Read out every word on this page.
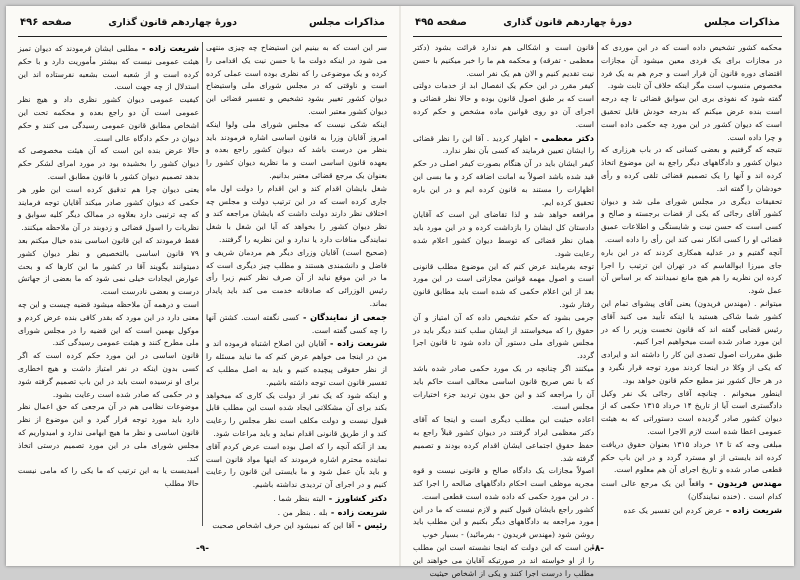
مذاکرات مجلس
دورهٔ چهاردهم قانون گذاری
صفحه ۴۹۶

سر این است که به بینیم این استیضاح چه چیزی منتهی می شود در اینکه دولت ما با حسن نیت یک اقدامی را کرده و یک موضوعی را که نظری بوده است عملی کرده است و ناوقتی که در مجلس شورای ملی واستیضاح دیوان کشور تغییر بشود تشخیص و تفسیر قضائی این دیوان کشور معتبر است.

اینکه شکی نیست که مجلس شورای ملی ولوا اینکه امروز آقایان وزرا به قانون اساسی اشاره فرمودند باید بنظر من درست باشد که دیوان کشور راجع بعده و بعهده قانون اساسی است و ما نظریه دیوان کشور را بعنوان یک مرجع قضائی معتبر بدانیم.

شغل بایشان اقدام کند و این اقدام را دولت اول ماه جاری کرده است که در این ترتیب دولت و مجلس چه اختلاف نظر دارند دولت داشت که بایشان مراجعه کند و نظر دیوان کشور را بخواهد که آیا این شغل با شغل نمایندگی منافات دارد یا ندارد و این نظریه را گرفتند.

(صحیح است) آقایان وزرای دیگر هم مردمان شریف و فاضل و دانشمندی هستند و مطلب چیز دیگری است که ما در این موقع نباید از آن صرف نظر کنیم زیرا رأی رئیس الوزرائی که صادقانه خدمت می کند باید پایدار بماند.

جمعی از نمایندگان - کسی نگفته است. کشتن آنها را چه کسی گفته است.

شریعت زاده - آقایان این اصلاح اشتباه فرموده اند و من در اینجا می خواهم عرض کنم که ما نباید مسئله را از نظر حقوقی پیچیده کنیم و باید به اصل مطلب که تفسیر قانون است توجه داشته باشیم.

و اینکه شود که یک نفر از دولت یک کاری که میخواهد بکند برای آن مشکلاتی ایجاد شده است این مطلب قابل قبول نیست و دولت مکلف است نظر مجلس را رعایت کند و از طریق قانونی اقدام نماید و باید مراعات شود.

بعد از آنکه آنچه را که اصل بوده است عرض کردم آقای نماینده محترم اشاره فرمودند که اینها مواد قانون است و باید بآن عمل شود و ما بایستی این قانون را رعایت کنیم و در اجرای آن تردیدی نداشته باشیم.

دکتر کشاورز - البته بنظر شما .

شریعت زاده - بله . بنظر من .

رئیس - آقا این که نمیشود این حرف اشخاص صحبت

شریعت زاده - مطلبی ایشان فرمودند که دیوان تمیز هیئت عمومی نیست که بیشتر مأموریت دارد و با حکم کرده است و از شعبه است بشعبه نفرستاده اند این استدلال از چه جهت است.

کیفیت عمومی دیوان کشور نظری داد و هیچ نظر عمومی است آن دو راجع بعده و محکمه تحت این اشخاص مطابق قانون عمومی رسیدگی می کنند و حکم دیوان در حکم دادگاه عالی است.

حالا عرض بنده این است که آن هیئت مخصوصی که دیوان کشور را بخشیده بود در مورد امرای لشکر حکم بدهد تصمیم دیوان کشور با قانون مطابق است.

یعنی دیوان چرا هم تدقیق کرده است این طور هر حکمی که دیوان کشور صادر میکند آقایان توجه فرمایند که چه ترتیبی دارد بعلاوه در ممالک دیگر کلیه سوابق و نظریات را اسول قضائی و زدوبند در آن ملاحظه میکنند.

فقط فرمودند که این قانون اساسی بنده خیال میکنم بعد ۷۹ قانون اساسی بالتخصیص و نظر دیوان کشور دمیتوانند بگویند آقا در کشور ما این کارها که و بحث عوارض ایجادات خیلی نمی شود که ما بعضی از جهاتش درست و بعضی نادرست است.

است و درهمه آن ملاحظه میشود قضیه چیست و این چه معنی دارد در این مورد که بقدر کافی بنده عرض کردم و موکول بهمین است که این قضیه را در مجلس شورای ملی مطرح کنند و هیئت عمومی رسیدگی کند.

قانون اساسی در این مورد حکم کرده است که اگر کسی بدون اینکه در نفر امتیاز داشت و هیچ اخطاری برای او نرسیده است باید در این باب تصمیم گرفته شود و در حکمی که صادر شده است رعایت بشود.

موضوعات نظامی هم در آن مرجعی که حق اعمال نظر دارد باید مورد توجه قرار گیرد و این موضوع از نظر قانون اساسی و نظر ما هیچ ابهامی ندارد و امیدواریم که مجلس شورای ملی در این مورد تصمیم درستی اتخاذ کند.

امیدیست یا به این ترتیب که ما یکی را که مامی نیست حالا مطلب

-۹-
مذاکرات مجلس
دورهٔ چهاردهم قانون گذاری
صفحه ۴۹۵

محکمه کشور تشخیص داده است که در این موردی که در مجازات برای یک فردی معین میشود آن مجازات اقتضای دوره قانون آن قرار است و جرم هم به یک فرد مخصوص منسوب است مگر اینکه خلاف آن ثابت شود.

گفته شود که نفوذی بری این سوابق قضائی تا چه درجه است بنده عرض میکنم که بدرجه خودش قابل تحقیق است که دیوان کشور در این مورد چه حکمی داده است و چرا داده است.

نتیجه که گرفتیم و بعضی کسانی که در باب هرزاری که دیوان کشور و دادگاههای دیگر راجع به این موضوع اتخاذ کرده اند و آنها را یک تصمیم قضائی تلقی کرده و رأی خودشان را گفته اند.

تحقیقات دیگری در مجلس شورای ملی شد و دیوان کشور آقای رجائی که یکی از قضات برجسته و صالح و کسی است که حسن نیت و شایستگی و اطلاعات عمیق قضائی او را کسی انکار نمی کند این رأی را داده است.

آنچه گفتیم و در عدلیه همکاری کردند که در این باره جای میرزا ابوالقاسم که در تهران این ترتیب را اجرا کرده این نظریه را هم هیچ مانع نمیدانند که بر اساس آن عمل شود.

میتوانم . (مهندس فریدون) یعنی آقای پیشوای تمام این کشور شما شاکی هستید یا اینکه تأیید می کنید آقای رئیس قضایی گفته اند که قانون نخست وزیر را که در این مورد صادر شده است میخواهیم اجرا کنیم.

طبق مقررات اصول تصدی این کار را داشته اند و ایرادی که یکی از وکلا در اینجا کردند مورد توجه قرار نگیرد و در هر حال کشور نیز مطیع حکم قانون خواهد بود.

اینطور میخوانم . چنانچه آقای رجائی یک نفر وکیل دادگستری است آیا از تاریخ ۱۴ خرداد ۱۳۱۵ حکمی که از دیوان کشور صادر گردیده است دستوراتی که به هیئت عمومی اعطا شده است لازم الاجرا است.

مبلغی وجه که تا ۱۴ خرداد ۱۳۱۵ بعنوان حقوق دریافت کرده اند بایستی از او مسترد گردد و در این باب حکم قطعی صادر شده و تاریخ اجرای آن هم معلوم است.

مهندس فریدون - واقعاً این یک مرجع عالی است کدام است . (خنده نمایندگان)

شریعت زاده - عرض کردم این تفسیر یک عده

قانون است و اشکالی هم ندارد قرائت بشود (دکتر معظمی - تفرقه) و محکمه هم ما را خبر میکنیم با حسن نیت تقدیم کنیم و الان هم یک نفر است.

کیفر مقرر در این حکم یک انفصال ابد از خدمات دولتی است که بر طبق اصول قانون بوده و حالا نظر قضائی و اجرای آن دو روی قوانین ماده مشخص و حکم کرده است.

دکتر معظمی - اظهار کردید . آقا این را نظر قضائی را ایشان تعیین فرمایند که کسی بآن نظر ندارد.

کیفر ایشان باید در آن هنگام بصورت کیفر اصلی در حکم قید شده باشد اصولاً به امانت اضافه کرد و ما بسی این اظهارات را مستند به قانون کرده ایم و در این باره تحقیق کرده ایم.

مرافعه خواهد شد و لذا تقاضای این است که آقایان دادستان کل ایشان را بازداشت کرده و در این مورد باید همان نظر قضائی که توسط دیوان کشور اعلام شده رعایت شود.

توجه بفرمایند عرض کنم که این موضوع مطلب قانونی است و اصول مهمه قوانین مجازاتی است در این مورد بعد از این اعلام حکمی که شده است باید مطابق قانون رفتار شود.

جرمی بشود که حکم تشخیص داده که آن امتیاز و آن حقوق را که میخواستند از ایشان سلب کنند دیگر باید در مجلس شورای ملی دستور آن داده شود تا قانون اجرا گردد.

میکنند اگر چنانچه در یک مورد حکمی صادر شده باشد که با نص صریح قانون اساسی مخالف است حاکم باید آن را مراجعه کند و این حق بدون تردید جزء اختیارات مجلس است.

اعاده حیثیت این مطلب دیگری است و اینجا که آقای دکتر معظمی ایراد گرفتند در دیوان کشور قبلاً راجع به حفظ حقوق اجتماعی ایشان اقدام کرده بودند و تصمیم گرفته شد.

اصولاً مجازات یک دادگاه صالح و قانونی نیست و قوه مجریه موظف است احکام دادگاههای صالحه را اجرا کند . در این مورد حکمی که داده شده است قطعی است.

کشور راجع بایشان قبول کنیم و لازم نیست که ما در این مورد مراجعه به دادگاههای دیگر بکنیم و این مطلب باید روشن شود (مهندس فریدون - بفرمائید) - بسیار خوب

این است که این دولت که اینجا نشسته است این مطلب را از او خواسته اند در صورتیکه آقایان می خواهند این مطلب را درست اجرا کنند و یکی از اشخاص حیثیت

-۸-
